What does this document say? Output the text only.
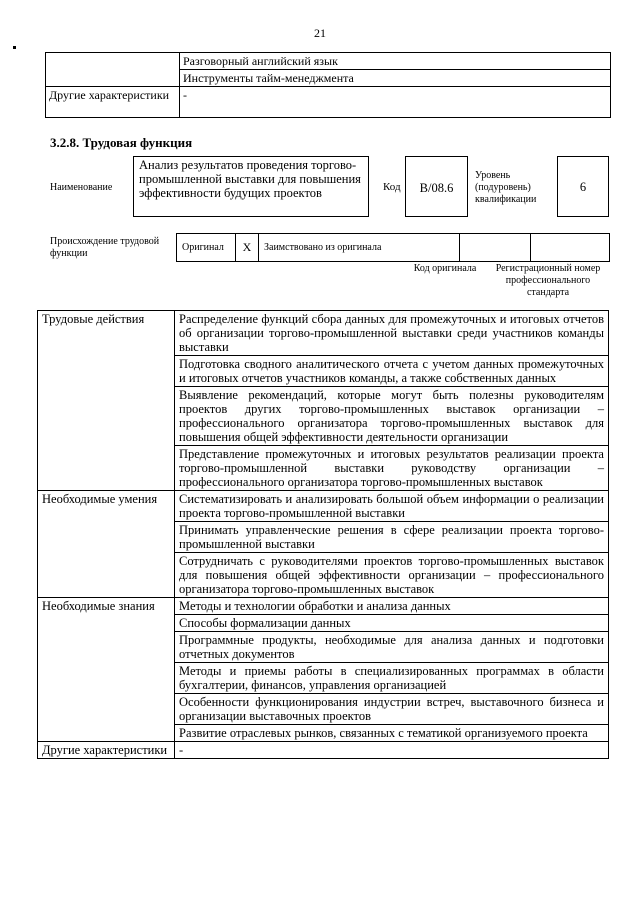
21
	Разговорный английский язык
	Инструменты тайм-менеджмента
Другие характеристики	-
3.2.8. Трудовая функция
Наименование
Анализ результатов проведения торгово-промышленной выставки для повышения эффективности будущих проектов	Код	B/08.6
Уровень (подуровень) квалификации
6
Происхождение трудовой функции
Оригинал	X	Заимствовано из оригинала		
Код оригинала	Регистрационный номер профессионального стандарта
Трудовые действия	Распределение функций сбора данных для промежуточных и итоговых отчетов об организации торгово-промышленной выставки среди участников команды выставки
	Подготовка сводного аналитического отчета с учетом данных промежуточных и итоговых отчетов участников команды, а также собственных данных
	Выявление рекомендаций, которые могут быть полезны руководителям проектов других торгово-промышленных выставок организации – профессионального организатора торгово-промышленных выставок для повышения общей эффективности деятельности организации
	Представление промежуточных и итоговых результатов реализации проекта торгово-промышленной выставки руководству организации – профессионального организатора торгово-промышленных выставок
Необходимые умения	Систематизировать и анализировать большой объем информации о реализации проекта торгово-промышленной выставки
	Принимать управленческие решения в сфере реализации проекта торгово-промышленной выставки
	Сотрудничать с руководителями проектов торгово-промышленных выставок для повышения общей эффективности организации – профессионального организатора торгово-промышленных выставок
Необходимые знания	Методы и технологии обработки и анализа данных
	Способы формализации данных
	Программные продукты, необходимые для анализа данных и подготовки отчетных документов
	Методы и приемы работы в специализированных программах в области бухгалтерии, финансов, управления организацией
	Особенности функционирования индустрии встреч, выставочного бизнеса и организации выставочных проектов
	Развитие отраслевых рынков, связанных с тематикой организуемого проекта
Другие характеристики	-
